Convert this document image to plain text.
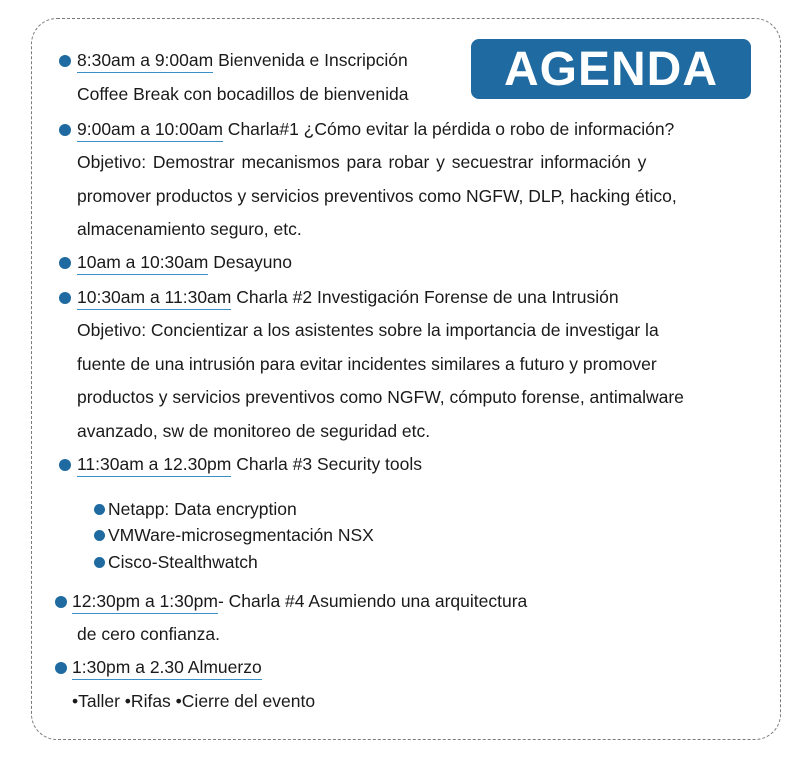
AGENDA
8:30am a 9:00am Bienvenida e Inscripción
Coffee Break con bocadillos de bienvenida
9:00am a 10:00am Charla#1 ¿Cómo evitar la pérdida o robo de información?
Objetivo: Demostrar mecanismos para robar y secuestrar información y
promover productos y servicios preventivos como NGFW, DLP, hacking ético,
almacenamiento seguro, etc.
10am a 10:30am Desayuno
10:30am a 11:30am Charla #2 Investigación Forense de una Intrusión
Objetivo: Concientizar a los asistentes sobre la importancia de investigar la
fuente de una intrusión para evitar incidentes similares a futuro y promover
productos y servicios preventivos como NGFW, cómputo forense, antimalware
avanzado, sw de monitoreo de seguridad etc.
11:30am a 12.30pm Charla #3 Security tools
Netapp: Data encryption
VMWare-microsegmentación NSX
Cisco-Stealthwatch
12:30pm a 1:30pm- Charla #4 Asumiendo una arquitectura
de cero confianza.
1:30pm a 2.30 Almuerzo
•Taller •Rifas •Cierre del evento
